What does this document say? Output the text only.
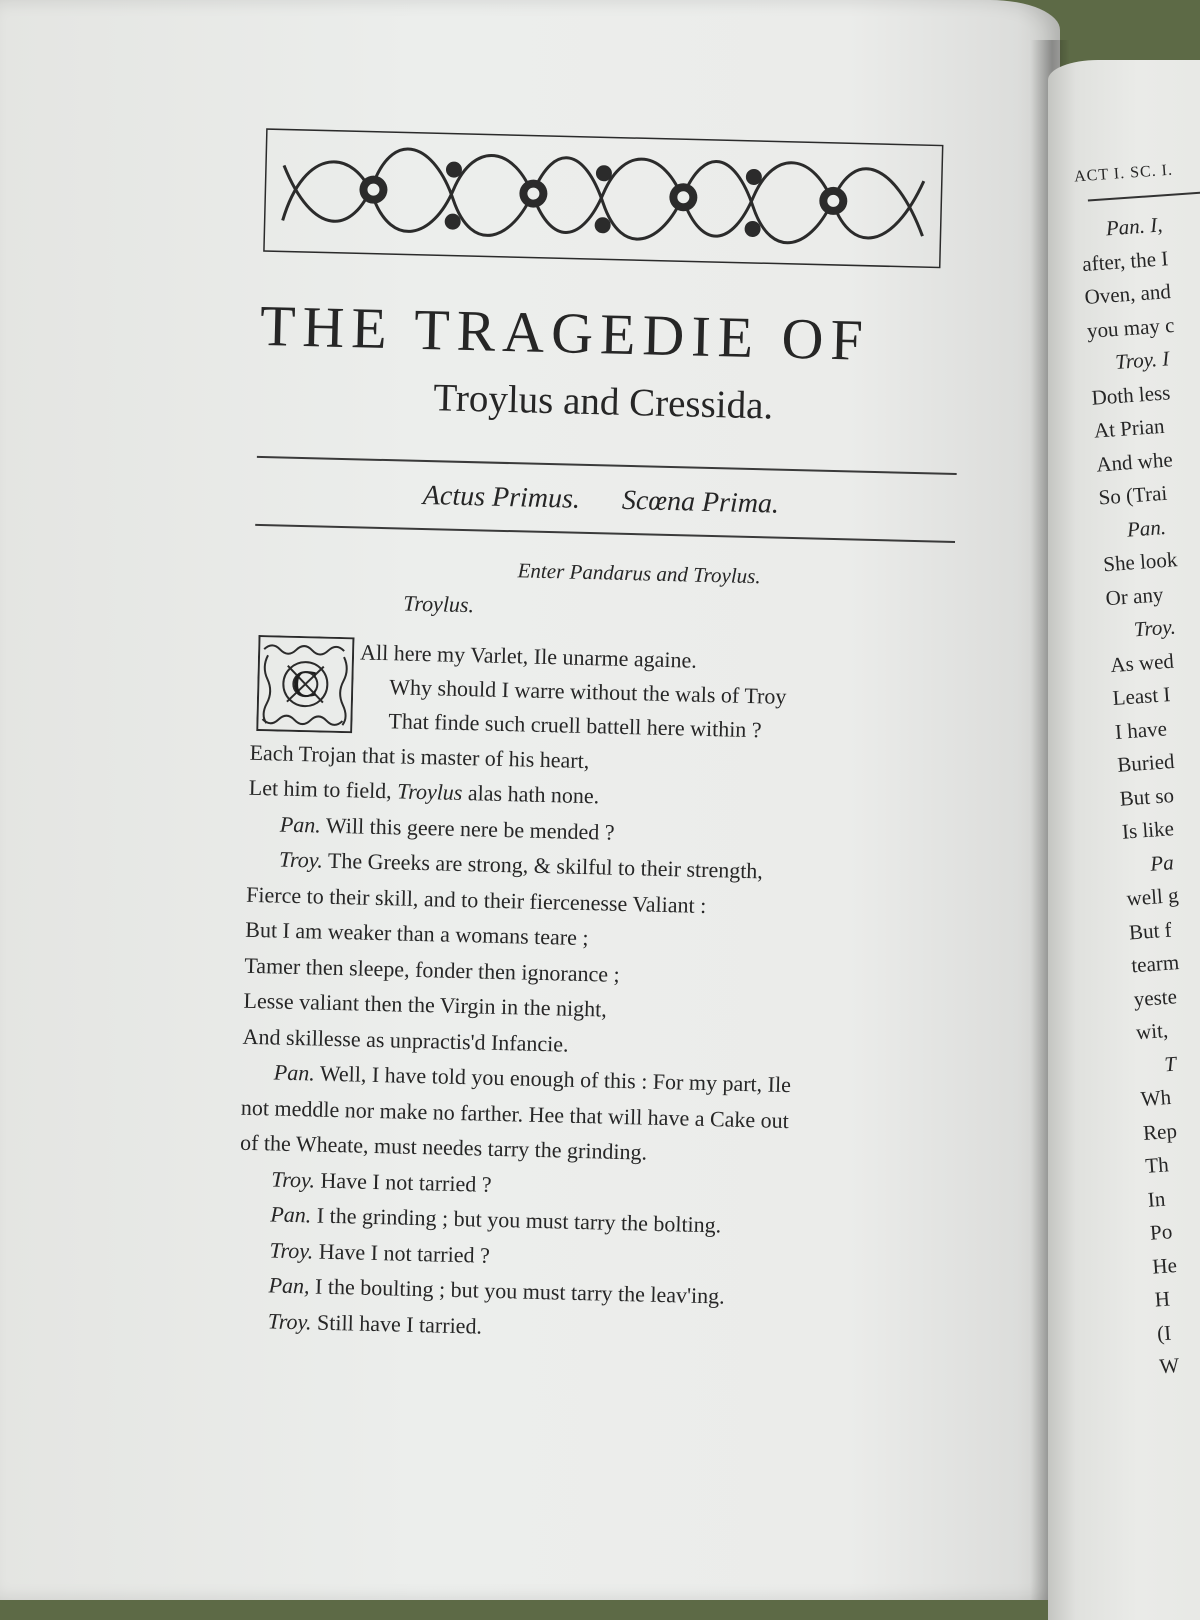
THE TRAGEDIE OF
Troylus and Cressida.
Actus Primus. Scœna Prima.
Enter Pandarus and Troylus.
Troylus.
C
All here my Varlet, Ile unarme againe.
Why should I warre without the wals of Troy
That finde such cruell battell here within ?
Each Trojan that is master of his heart,
Let him to field, Troylus alas hath none.
Pan. Will this geere nere be mended ?
Troy. The Greeks are strong, & skilful to their strength,
Fierce to their skill, and to their fiercenesse Valiant :
But I am weaker than a womans teare ;
Tamer then sleepe, fonder then ignorance ;
Lesse valiant then the Virgin in the night,
And skillesse as unpractis'd Infancie.
Pan. Well, I have told you enough of this : For my part, Ile
not meddle nor make no farther. Hee that will have a Cake out
of the Wheate, must needes tarry the grinding.
Troy. Have I not tarried ?
Pan. I the grinding ; but you must tarry the bolting.
Troy. Have I not tarried ?
Pan, I the boulting ; but you must tarry the leav'ing.
Troy. Still have I tarried.
ACT I. SC. I.
Pan. I,
after, the I
Oven, and
you may c
Troy. I
Doth less
At Prian
And whe
So (Trai
Pan.
She look
Or any
Troy.
As wed
Least I
I have
Buried
But so
Is like
Pa
well g
But f
tearm
yeste
wit,
T
Wh
Rep
Th
In
Po
He
H
(I
W
